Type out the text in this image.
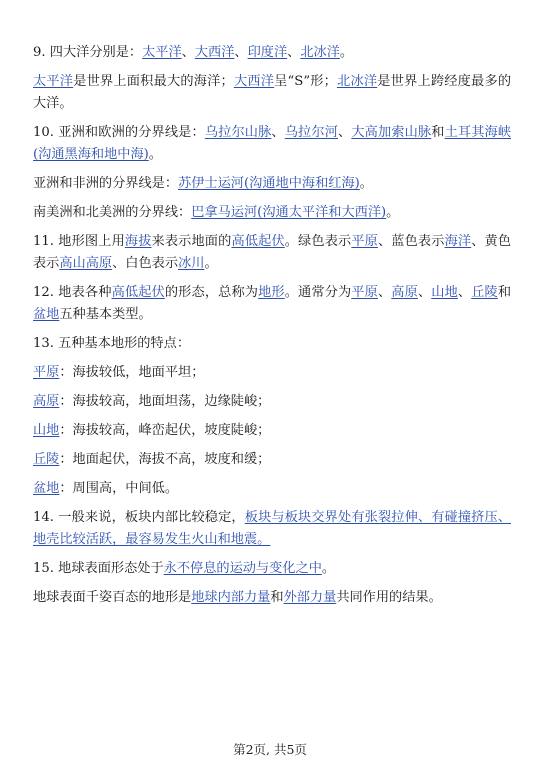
9. 四大洋分别是：太平洋、大西洋、印度洋、北冰洋。

太平洋是世界上面积最大的海洋；大西洋呈“S”形；北冰洋是世界上跨经度最多的大洋。

10. 亚洲和欧洲的分界线是：乌拉尔山脉、乌拉尔河、大高加索山脉和土耳其海峡(沟通黑海和地中海)。

亚洲和非洲的分界线是：苏伊士运河(沟通地中海和红海)。

南美洲和北美洲的分界线：巴拿马运河(沟通太平洋和大西洋)。

11. 地形图上用海拔来表示地面的高低起伏。绿色表示平原、蓝色表示海洋、黄色表示高山高原、白色表示冰川。

12. 地表各种高低起伏的形态，总称为地形。通常分为平原、高原、山地、丘陵和盆地五种基本类型。

13. 五种基本地形的特点：

平原：海拔较低，地面平坦；

高原：海拔较高，地面坦荡，边缘陡峻；

山地：海拔较高，峰峦起伏，坡度陡峻；

丘陵：地面起伏，海拔不高，坡度和缓；

盆地：周围高，中间低。

14. 一般来说，板块内部比较稳定，板块与板块交界处有张裂拉伸、有碰撞挤压、地壳比较活跃，最容易发生火山和地震。

15. 地球表面形态处于永不停息的运动与变化之中。

地球表面千姿百态的地形是地球内部力量和外部力量共同作用的结果。

第2页, 共5页
